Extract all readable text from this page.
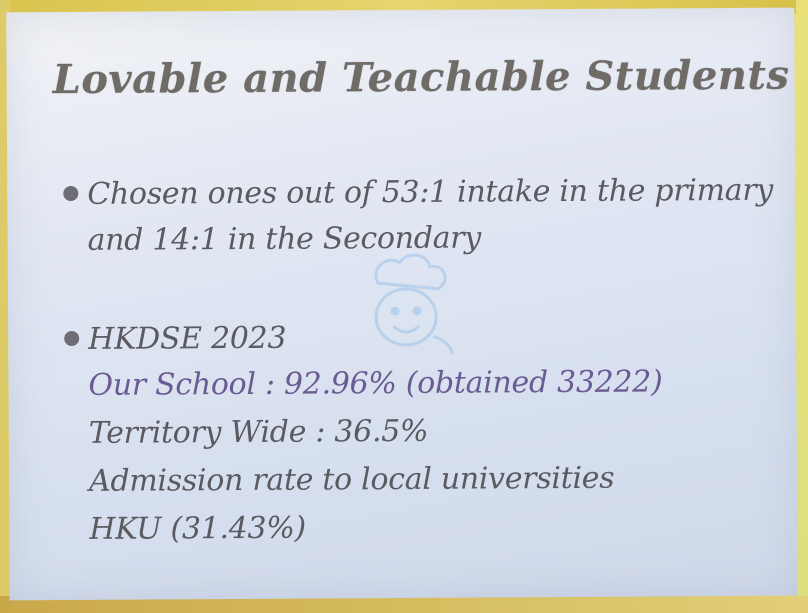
Lovable and Teachable Students
Chosen ones out of 53:1 intake in the primary
and 14:1 in the Secondary
HKDSE 2023
Our School : 92.96% (obtained 33222)
Territory Wide : 36.5%
Admission rate to local universities
HKU (31.43%)
